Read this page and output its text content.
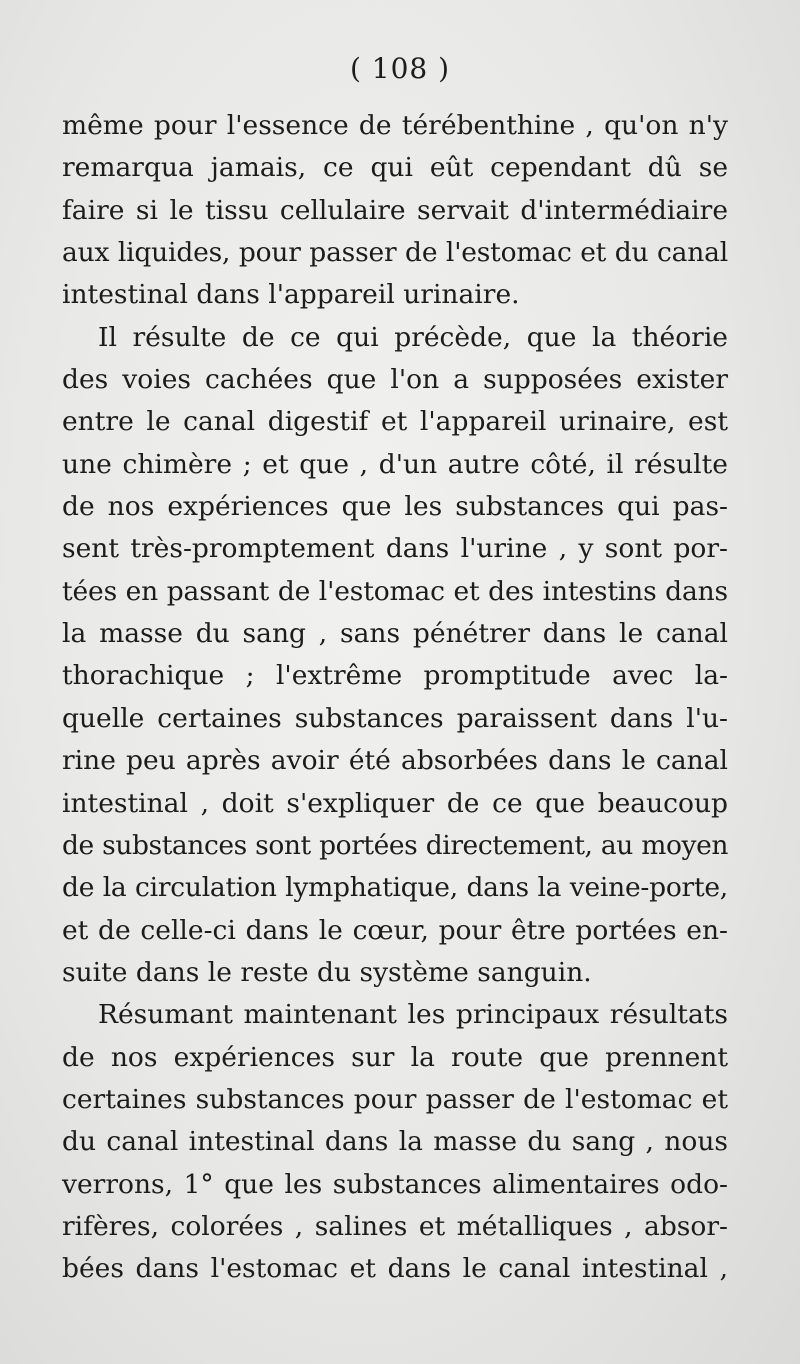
( 108 )
même pour l'essence de térébenthine , qu'on n'y
remarqua jamais, ce qui eût cependant dû se
faire si le tissu cellulaire servait d'intermédiaire
aux liquides, pour passer de l'estomac et du canal
intestinal dans l'appareil urinaire.
Il résulte de ce qui précède, que la théorie
des voies cachées que l'on a supposées exister
entre le canal digestif et l'appareil urinaire, est
une chimère ; et que , d'un autre côté, il résulte
de nos expériences que les substances qui pas-
sent très-promptement dans l'urine , y sont por-
tées en passant de l'estomac et des intestins dans
la masse du sang , sans pénétrer dans le canal
thorachique ; l'extrême promptitude avec la-
quelle certaines substances paraissent dans l'u-
rine peu après avoir été absorbées dans le canal
intestinal , doit s'expliquer de ce que beaucoup
de substances sont portées directement, au moyen
de la circulation lymphatique, dans la veine-porte,
et de celle-ci dans le cœur, pour être portées en-
suite dans le reste du système sanguin.
Résumant maintenant les principaux résultats
de nos expériences sur la route que prennent
certaines substances pour passer de l'estomac et
du canal intestinal dans la masse du sang , nous
verrons, 1° que les substances alimentaires odo-
rifères, colorées , salines et métalliques , absor-
bées dans l'estomac et dans le canal intestinal ,
